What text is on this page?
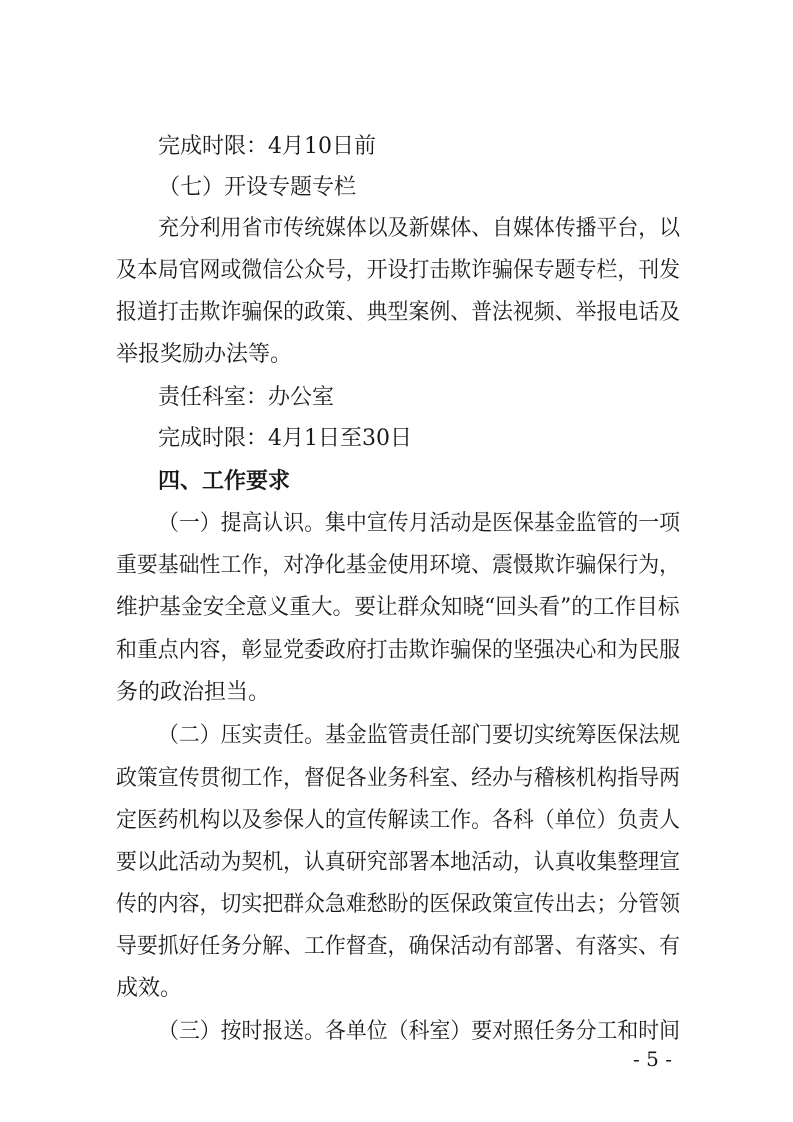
完成时限：4月10日前
（七）开设专题专栏
充分利用省市传统媒体以及新媒体、自媒体传播平台，以
及本局官网或微信公众号，开设打击欺诈骗保专题专栏，刊发
报道打击欺诈骗保的政策、典型案例、普法视频、举报电话及
举报奖励办法等。
责任科室：办公室
完成时限：4月1日至30日
四、工作要求
（一）提高认识。集中宣传月活动是医保基金监管的一项
重要基础性工作，对净化基金使用环境、震慑欺诈骗保行为，
维护基金安全意义重大。要让群众知晓“回头看”的工作目标
和重点内容，彰显党委政府打击欺诈骗保的坚强决心和为民服
务的政治担当。
（二）压实责任。基金监管责任部门要切实统筹医保法规
政策宣传贯彻工作，督促各业务科室、经办与稽核机构指导两
定医药机构以及参保人的宣传解读工作。各科（单位）负责人
要以此活动为契机，认真研究部署本地活动，认真收集整理宣
传的内容，切实把群众急难愁盼的医保政策宣传出去；分管领
导要抓好任务分解、工作督查，确保活动有部署、有落实、有
成效。
（三）按时报送。各单位（科室）要对照任务分工和时间
- 5 -
